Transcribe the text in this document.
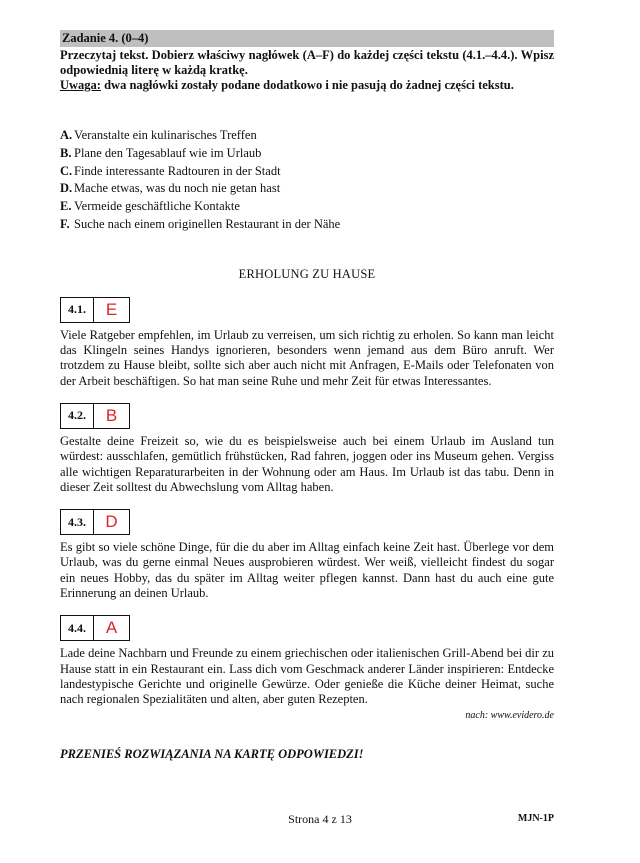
Zadanie 4. (0–4)
Przeczytaj tekst. Dobierz właściwy nagłówek (A–F) do każdej części tekstu (4.1.–4.4.). Wpisz odpowiednią literę w każdą kratkę.
Uwaga: dwa nagłówki zostały podane dodatkowo i nie pasują do żadnej części tekstu.
A. Veranstalte ein kulinarisches Treffen
B. Plane den Tagesablauf wie im Urlaub
C. Finde interessante Radtouren in der Stadt
D. Mache etwas, was du noch nie getan hast
E. Vermeide geschäftliche Kontakte
F. Suche nach einem originellen Restaurant in der Nähe
ERHOLUNG ZU HAUSE
4.1.	E
Viele Ratgeber empfehlen, im Urlaub zu verreisen, um sich richtig zu erholen. So kann man leicht das Klingeln seines Handys ignorieren, besonders wenn jemand aus dem Büro anruft. Wer trotzdem zu Hause bleibt, sollte sich aber auch nicht mit Anfragen, E-Mails oder Telefonaten von der Arbeit beschäftigen. So hat man seine Ruhe und mehr Zeit für etwas Interessantes.
4.2.	B
Gestalte deine Freizeit so, wie du es beispielsweise auch bei einem Urlaub im Ausland tun würdest: ausschlafen, gemütlich frühstücken, Rad fahren, joggen oder ins Museum gehen. Vergiss alle wichtigen Reparaturarbeiten in der Wohnung oder am Haus. Im Urlaub ist das tabu. Denn in dieser Zeit solltest du Abwechslung vom Alltag haben.
4.3.	D
Es gibt so viele schöne Dinge, für die du aber im Alltag einfach keine Zeit hast. Überlege vor dem Urlaub, was du gerne einmal Neues ausprobieren würdest. Wer weiß, vielleicht findest du sogar ein neues Hobby, das du später im Alltag weiter pflegen kannst. Dann hast du auch eine gute Erinnerung an deinen Urlaub.
4.4.	A
Lade deine Nachbarn und Freunde zu einem griechischen oder italienischen Grill-Abend bei dir zu Hause statt in ein Restaurant ein. Lass dich vom Geschmack anderer Länder inspirieren: Entdecke landestypische Gerichte und originelle Gewürze. Oder genieße die Küche deiner Heimat, suche nach regionalen Spezialitäten und alten, aber guten Rezepten.
nach: www.evidero.de
PRZENIEŚ ROZWIĄZANIA NA KARTĘ ODPOWIEDZI!
Strona 4 z 13	MJN-1P
